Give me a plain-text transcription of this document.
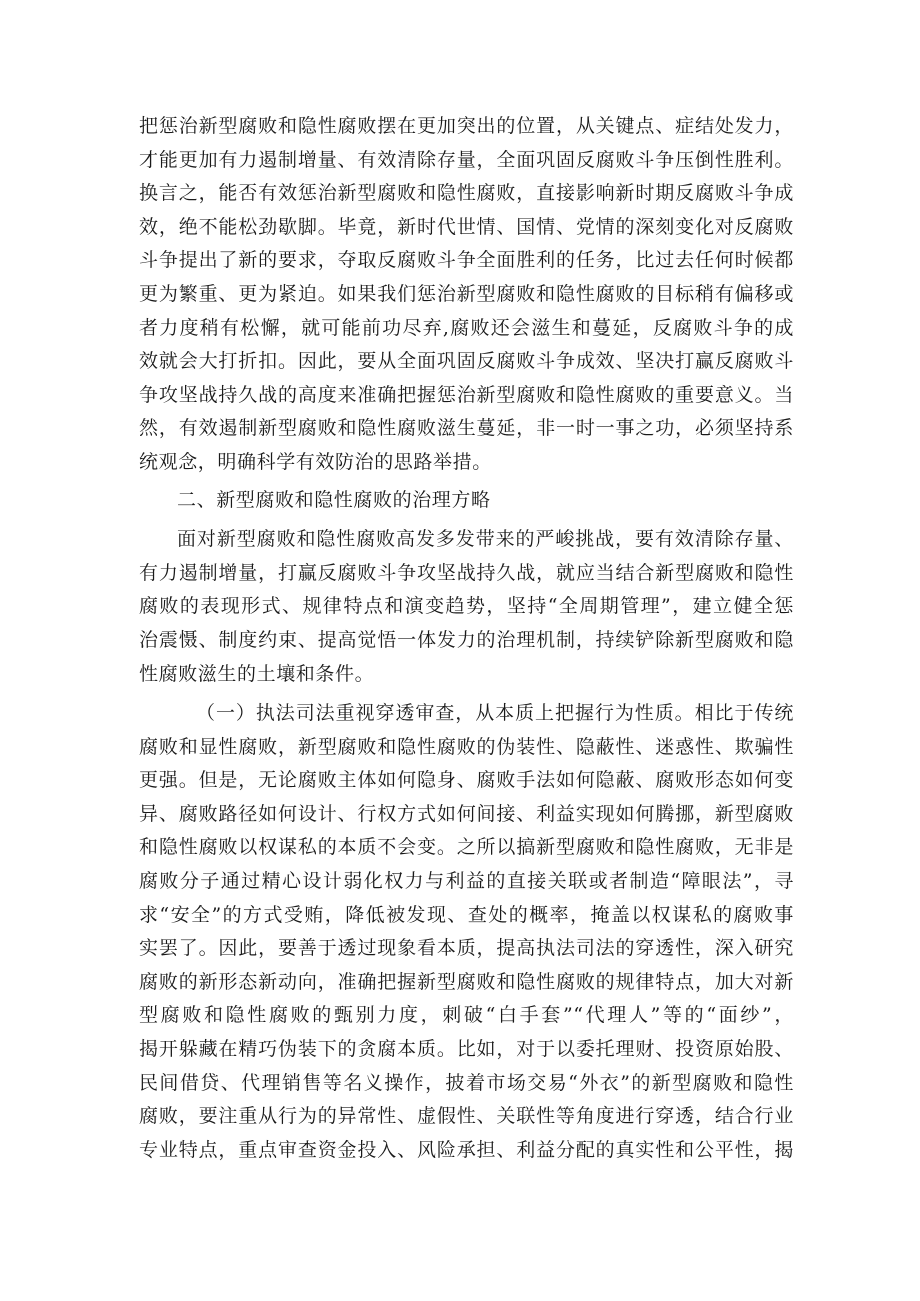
把惩治新型腐败和隐性腐败摆在更加突出的位置，从关键点、症结处发力，
才能更加有力遏制增量、有效清除存量，全面巩固反腐败斗争压倒性胜利。
换言之，能否有效惩治新型腐败和隐性腐败，直接影响新时期反腐败斗争成
效，绝不能松劲歇脚。毕竟，新时代世情、国情、党情的深刻变化对反腐败
斗争提出了新的要求，夺取反腐败斗争全面胜利的任务，比过去任何时候都
更为繁重、更为紧迫。如果我们惩治新型腐败和隐性腐败的目标稍有偏移或
者力度稍有松懈，就可能前功尽弃,腐败还会滋生和蔓延，反腐败斗争的成
效就会大打折扣。因此，要从全面巩固反腐败斗争成效、坚决打赢反腐败斗
争攻坚战持久战的高度来准确把握惩治新型腐败和隐性腐败的重要意义。当
然，有效遏制新型腐败和隐性腐败滋生蔓延，非一时一事之功，必须坚持系
统观念，明确科学有效防治的思路举措。
二、新型腐败和隐性腐败的治理方略
面对新型腐败和隐性腐败高发多发带来的严峻挑战，要有效清除存量、
有力遏制增量，打赢反腐败斗争攻坚战持久战，就应当结合新型腐败和隐性
腐败的表现形式、规律特点和演变趋势，坚持“全周期管理”，建立健全惩
治震慑、制度约束、提高觉悟一体发力的治理机制，持续铲除新型腐败和隐
性腐败滋生的土壤和条件。
（一）执法司法重视穿透审查，从本质上把握行为性质。相比于传统
腐败和显性腐败，新型腐败和隐性腐败的伪装性、隐蔽性、迷惑性、欺骗性
更强。但是，无论腐败主体如何隐身、腐败手法如何隐蔽、腐败形态如何变
异、腐败路径如何设计、行权方式如何间接、利益实现如何腾挪，新型腐败
和隐性腐败以权谋私的本质不会变。之所以搞新型腐败和隐性腐败，无非是
腐败分子通过精心设计弱化权力与利益的直接关联或者制造“障眼法”，寻
求“安全”的方式受贿，降低被发现、查处的概率，掩盖以权谋私的腐败事
实罢了。因此，要善于透过现象看本质，提高执法司法的穿透性，深入研究
腐败的新形态新动向，准确把握新型腐败和隐性腐败的规律特点，加大对新
型腐败和隐性腐败的甄别力度，刺破“白手套”“代理人”等的“面纱”，
揭开躲藏在精巧伪装下的贪腐本质。比如，对于以委托理财、投资原始股、
民间借贷、代理销售等名义操作，披着市场交易“外衣”的新型腐败和隐性
腐败，要注重从行为的异常性、虚假性、关联性等角度进行穿透，结合行业
专业特点，重点审查资金投入、风险承担、利益分配的真实性和公平性，揭
